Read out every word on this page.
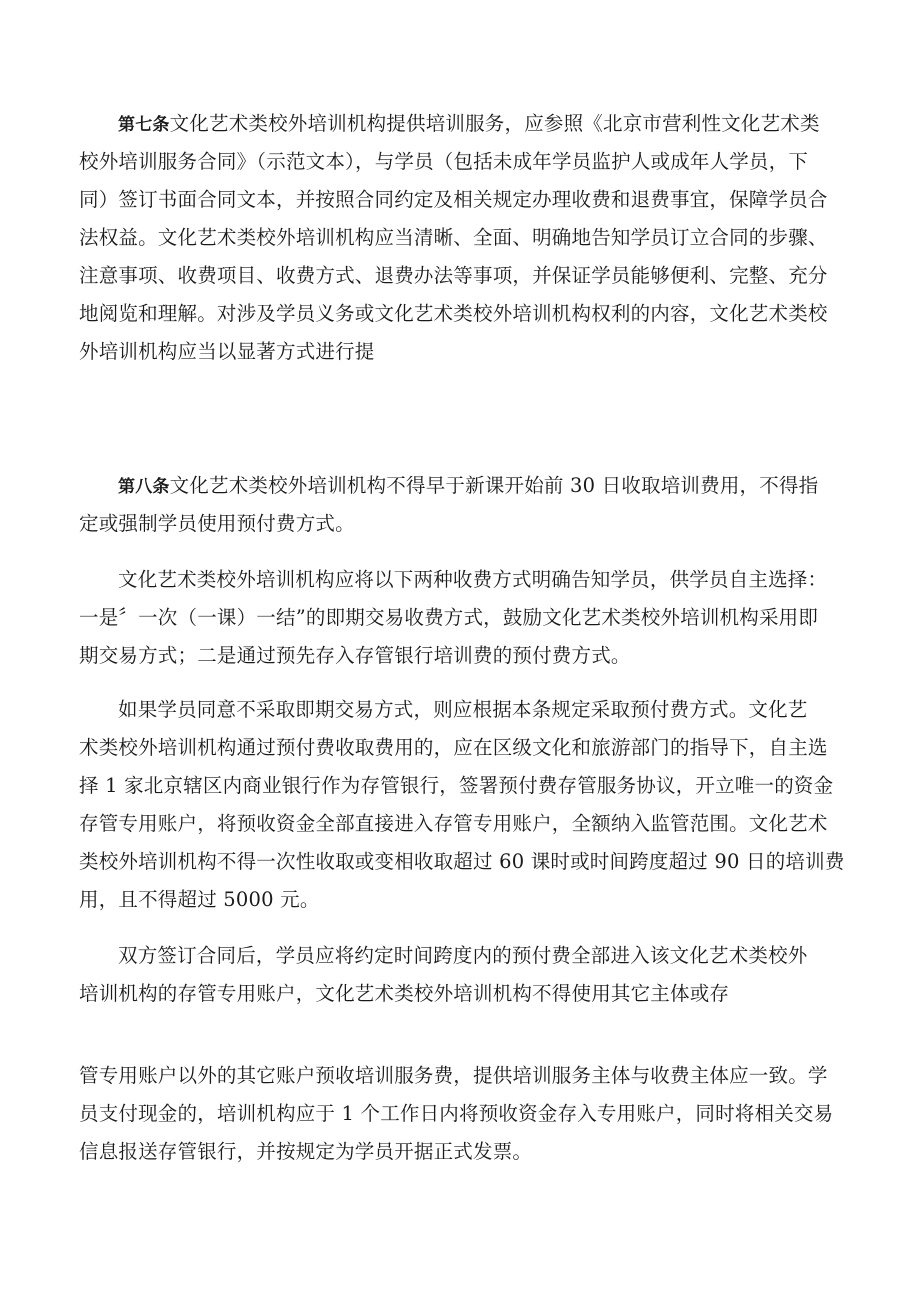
第七条文化艺术类校外培训机构提供培训服务，应参照《北京市营利性文化艺术类
校外培训服务合同》（示范文本），与学员（包括未成年学员监护人或成年人学员，下
同）签订书面合同文本，并按照合同约定及相关规定办理收费和退费事宜，保障学员合
法权益。文化艺术类校外培训机构应当清晰、全面、明确地告知学员订立合同的步骤、
注意事项、收费项目、收费方式、退费办法等事项，并保证学员能够便利、完整、充分
地阅览和理解。对涉及学员义务或文化艺术类校外培训机构权利的内容，文化艺术类校
外培训机构应当以显著方式进行提
第八条文化艺术类校外培训机构不得早于新课开始前 30 日收取培训费用，不得指
定或强制学员使用预付费方式。
文化艺术类校外培训机构应将以下两种收费方式明确告知学员，供学员自主选择：
一是〞一次（一课）一结”的即期交易收费方式，鼓励文化艺术类校外培训机构采用即
期交易方式；二是通过预先存入存管银行培训费的预付费方式。
如果学员同意不采取即期交易方式，则应根据本条规定采取预付费方式。文化艺
术类校外培训机构通过预付费收取费用的，应在区级文化和旅游部门的指导下，自主选
择 1 家北京辖区内商业银行作为存管银行，签署预付费存管服务协议，开立唯一的资金
存管专用账户，将预收资金全部直接进入存管专用账户，全额纳入监管范围。文化艺术
类校外培训机构不得一次性收取或变相收取超过 60 课时或时间跨度超过 90 日的培训费
用，且不得超过 5000 元。
双方签订合同后，学员应将约定时间跨度内的预付费全部进入该文化艺术类校外
培训机构的存管专用账户，文化艺术类校外培训机构不得使用其它主体或存
管专用账户以外的其它账户预收培训服务费，提供培训服务主体与收费主体应一致。学
员支付现金的，培训机构应于 1 个工作日内将预收资金存入专用账户，同时将相关交易
信息报送存管银行，并按规定为学员开据正式发票。
